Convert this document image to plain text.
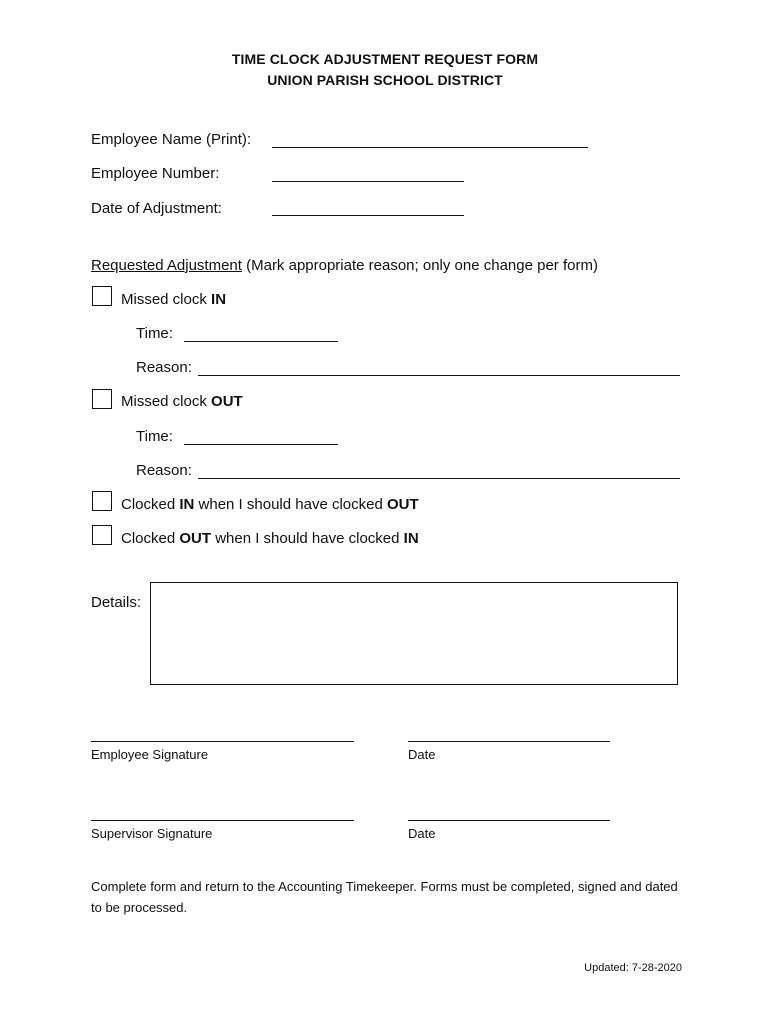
TIME CLOCK ADJUSTMENT REQUEST FORM
UNION PARISH SCHOOL DISTRICT
Employee Name (Print):
Employee Number:
Date of Adjustment:
Requested Adjustment (Mark appropriate reason; only one change per form)
Missed clock IN
Time:
Reason:
Missed clock OUT
Time:
Reason:
Clocked IN when I should have clocked OUT
Clocked OUT when I should have clocked IN
Details:
Employee Signature	Date
Supervisor Signature	Date
Complete form and return to the Accounting Timekeeper. Forms must be completed, signed and dated to be processed.
Updated: 7-28-2020
